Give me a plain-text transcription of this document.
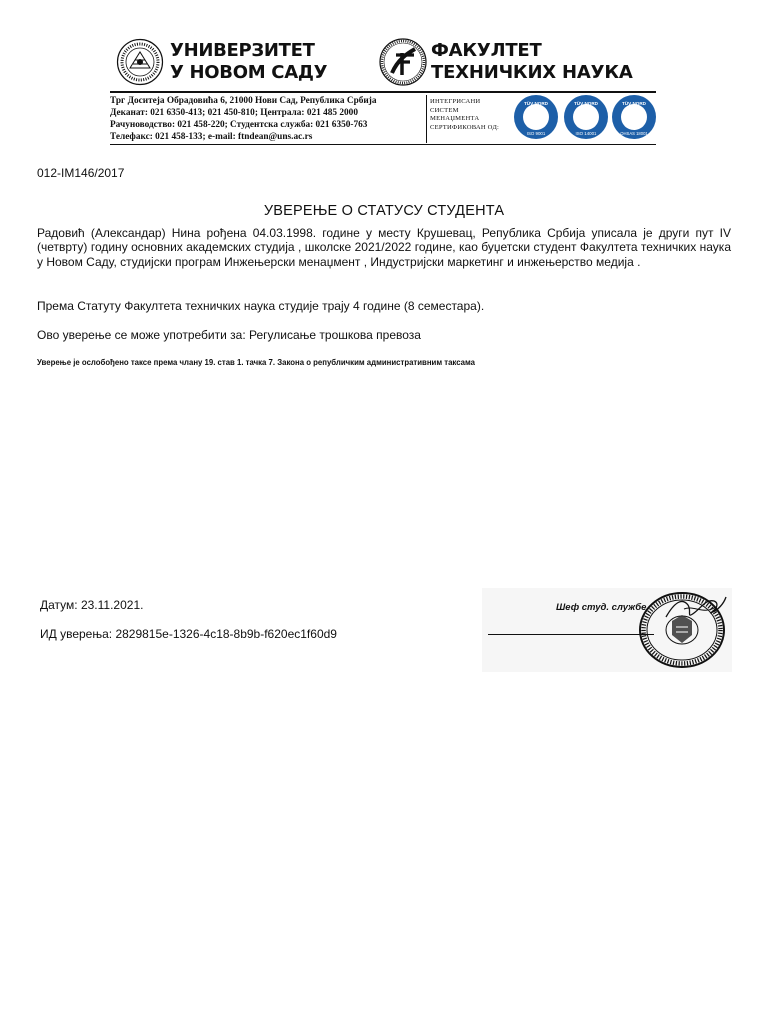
УНИВЕРЗИТЕТ
У НОВОМ САДУ
ФАКУЛТЕТ
ТЕХНИЧКИХ НАУКА
Трг Доситеја Обрадовића 6, 21000 Нови Сад, Република Србија
Деканат: 021 6350-413; 021 450-810; Централа: 021 485 2000
Рачуноводство: 021 458-220; Студентска служба: 021 6350-763
Телефакс: 021 458-133; e-mail: ftndean@uns.ac.rs
ИНТЕГРИСАНИ
СИСТЕМ
МЕНАЏМЕНТА
СЕРТИФИКОВАН ОД:
TÜV NORD
ISO 9001
TÜV NORD
ISO 14001
TÜV NORD
OHSAS 18001
012-IM146/2017
УВЕРЕЊЕ О СТАТУСУ СТУДЕНТА
Радовић (Александар) Нина рођена 04.03.1998. године у месту Крушевац, Република Србија уписала је други пут IV (четврту) годину основних академских студија , школске 2021/2022 године, као буџетски студент Факултета техничких наука у Новом Саду, студијски програм Инжењерски менаџмент , Индустријски маркетинг и инжењерство медија .
Према Статуту Факултета техничких наука студије трају 4 године (8 семестара).
Ово уверење се може употребити за: Регулисање трошкова превоза
Уверење је ослобођено таксе према члану 19. став 1. тачка 7. Закона о републичким административним таксама
Датум: 23.11.2021.
ИД уверења: 2829815e-1326-4c18-8b9b-f620ec1f60d9
Шеф студ. службе
